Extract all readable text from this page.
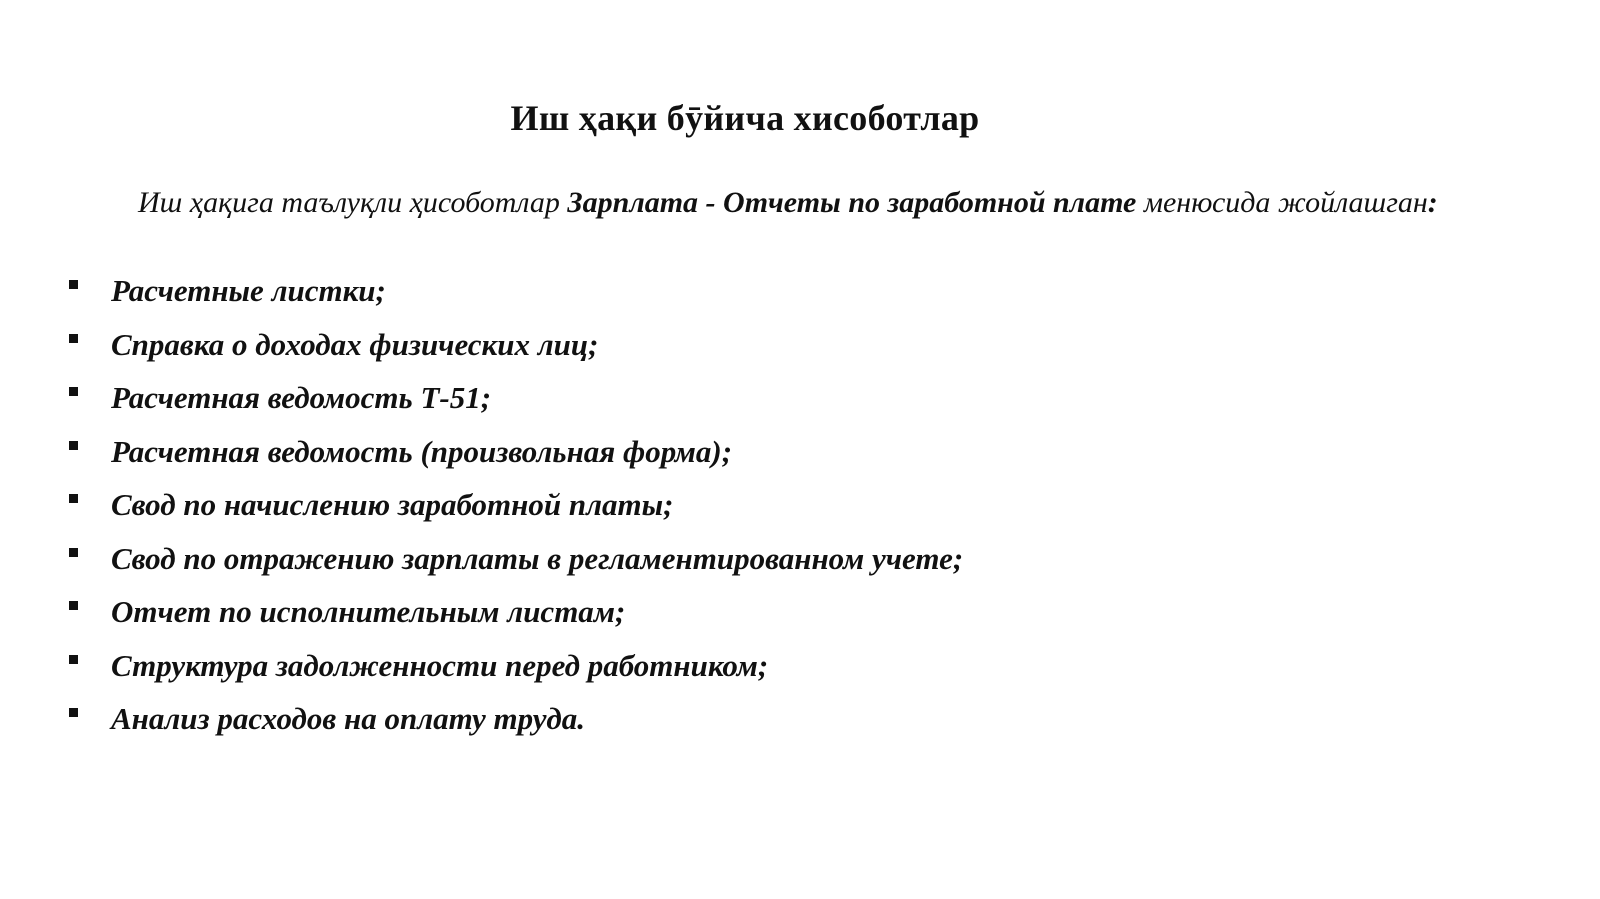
Иш ҳақи бӯйича хисоботлар

Иш ҳақига таълуқли ҳисоботлар Зарплата - Отчеты по заработной плате менюсида жойлашган:

Расчетные листки;
Справка о доходах физических лиц;
Расчетная ведомость Т-51;
Расчетная ведомость (произвольная форма);
Свод по начислению заработной платы;
Свод по отражению зарплаты в регламентированном учете;
Отчет по исполнительным листам;
Структура задолженности перед работником;
Анализ расходов на оплату труда.
